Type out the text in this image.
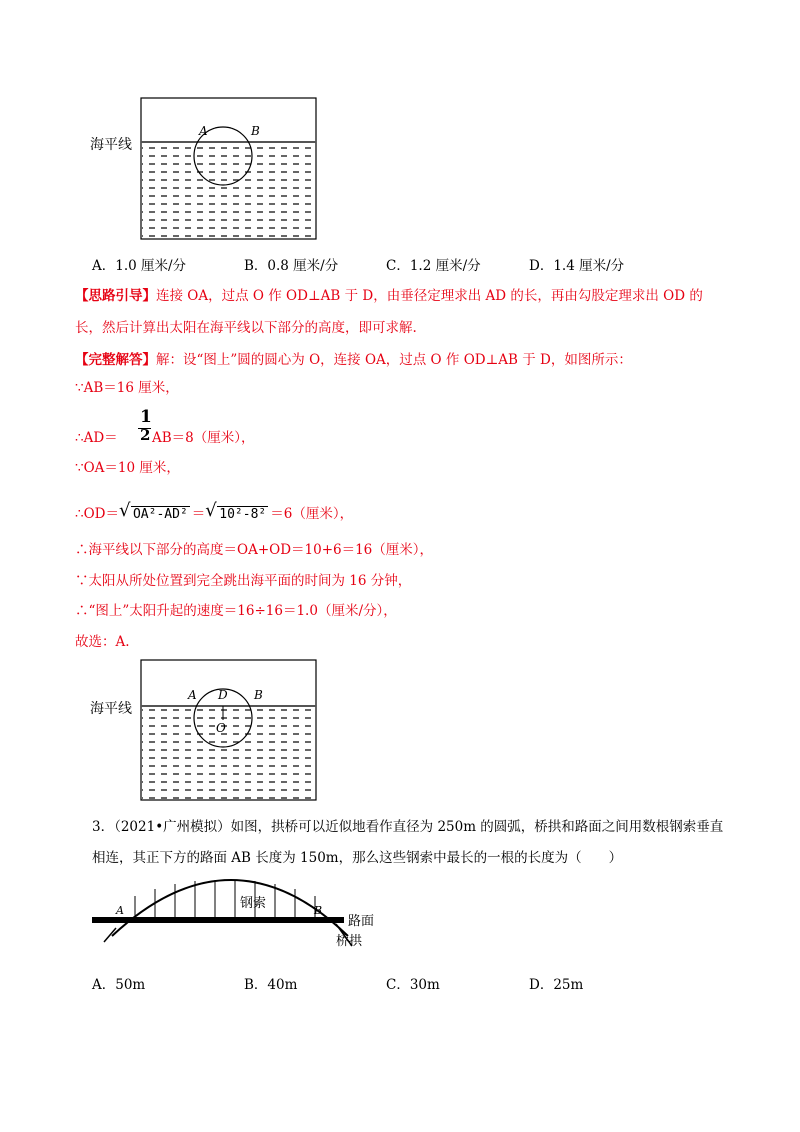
海平线
A	B
A．1.0 厘米/分	B．0.8 厘米/分	C．1.2 厘米/分	D．1.4 厘米/分
【思路引导】连接 OA，过点 O 作 OD⊥AB 于 D，由垂径定理求出 AD 的长，再由勾股定理求出 OD 的
长，然后计算出太阳在海平线以下部分的高度，即可求解.
【完整解答】解：设“图上”圆的圆心为 O，连接 OA，过点 O 作 OD⊥AB 于 D，如图所示：
∵AB＝16 厘米，
1
2
∴AD＝	AB＝8（厘米），
∵OA＝10 厘米，
∴OD＝ √ OA²-AD² ＝ √ 10²-8² ＝6（厘米），
∴海平线以下部分的高度＝OA+OD＝10+6＝16（厘米），
∵太阳从所处位置到完全跳出海平面的时间为 16 分钟，
∴“图上”太阳升起的速度＝16÷16＝1.0（厘米/分），
故选：A.
海平线
A D B
O
3．（2021•广州模拟）如图，拱桥可以近似地看作直径为 250m 的圆弧，桥拱和路面之间用数根钢索垂直
相连，其正下方的路面 AB 长度为 150m，那么这些钢索中最长的一根的长度为（　　）
钢索
路面
桥拱
A	B
A．50m	B．40m	C．30m	D．25m
